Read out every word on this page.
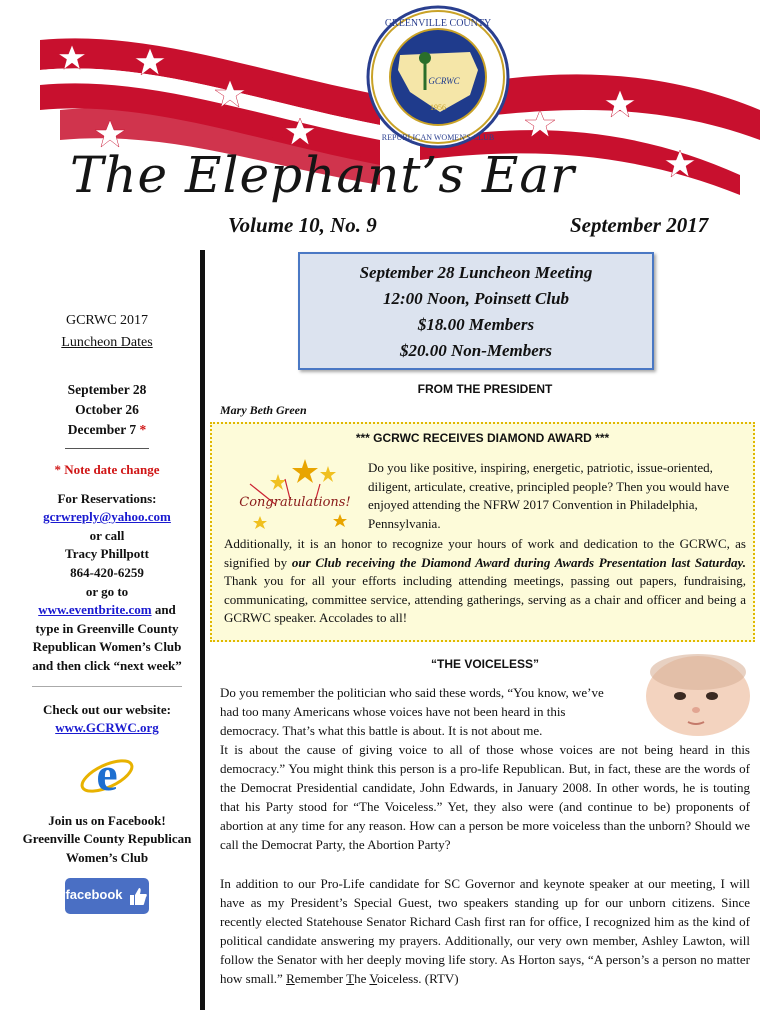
GREENVILLE COUNTY
REPUBLICAN WOMEN'S CLUB
GCRWC
1956
The Elephant’s Ear
Volume 10, No. 9	September 2017
GCRWC 2017
Luncheon Dates
September 28
October 26
December 7 *
* Note date change
For Reservations:
gcrwreply@yahoo.com
or call
Tracy Phillpott
864-420-6259
or go to
www.eventbrite.com and
type in Greenville County Republican Women’s Club and then click “next week”
Check out our website:
www.GCRWC.org
e
Join us on Facebook! Greenville County Republican Women’s Club
facebook
September 28 Luncheon Meeting
12:00 Noon, Poinsett Club
$18.00 Members
$20.00 Non-Members
FROM THE PRESIDENT
Mary Beth Green
*** GCRWC RECEIVES DIAMOND AWARD ***
Congratulations!
Do you like positive, inspiring, energetic, patriotic, issue-oriented, diligent, articulate, creative, principled people? Then you would have enjoyed attending the NFRW 2017 Convention in Philadelphia, Pennsylvania.
Additionally, it is an honor to recognize your hours of work and dedication to the GCRWC, as signified by our Club receiving the Diamond Award during Awards Presentation last Saturday. Thank you for all your efforts including attending meetings, passing out papers, fundraising, communicating, committee service, attending gatherings, serving as a chair and officer and being a GCRWC speaker. Accolades to all!
“THE VOICELESS”
Do you remember the politician who said these words, “You know, we’ve had too many Americans whose voices have not been heard in this democracy. That’s what this battle is about. It is not about me.
It is about the cause of giving voice to all of those whose voices are not being heard in this democracy.” You might think this person is a pro-life Republican. But, in fact, these are the words of the Democrat Presidential candidate, John Edwards, in January 2008. In other words, he is touting that his Party stood for “The Voiceless.” Yet, they also were (and continue to be) proponents of abortion at any time for any reason. How can a person be more voiceless than the unborn? Should we call the Democrat Party, the Abortion Party?
In addition to our Pro-Life candidate for SC Governor and keynote speaker at our meeting, I will have as my President’s Special Guest, two speakers standing up for our unborn citizens. Since recently elected Statehouse Senator Richard Cash first ran for office, I recognized him as the kind of political candidate answering my prayers. Additionally, our very own member, Ashley Lawton, will follow the Senator with her deeply moving life story. As Horton says, “A person’s a person no matter how small.” Remember The Voiceless. (RTV)
